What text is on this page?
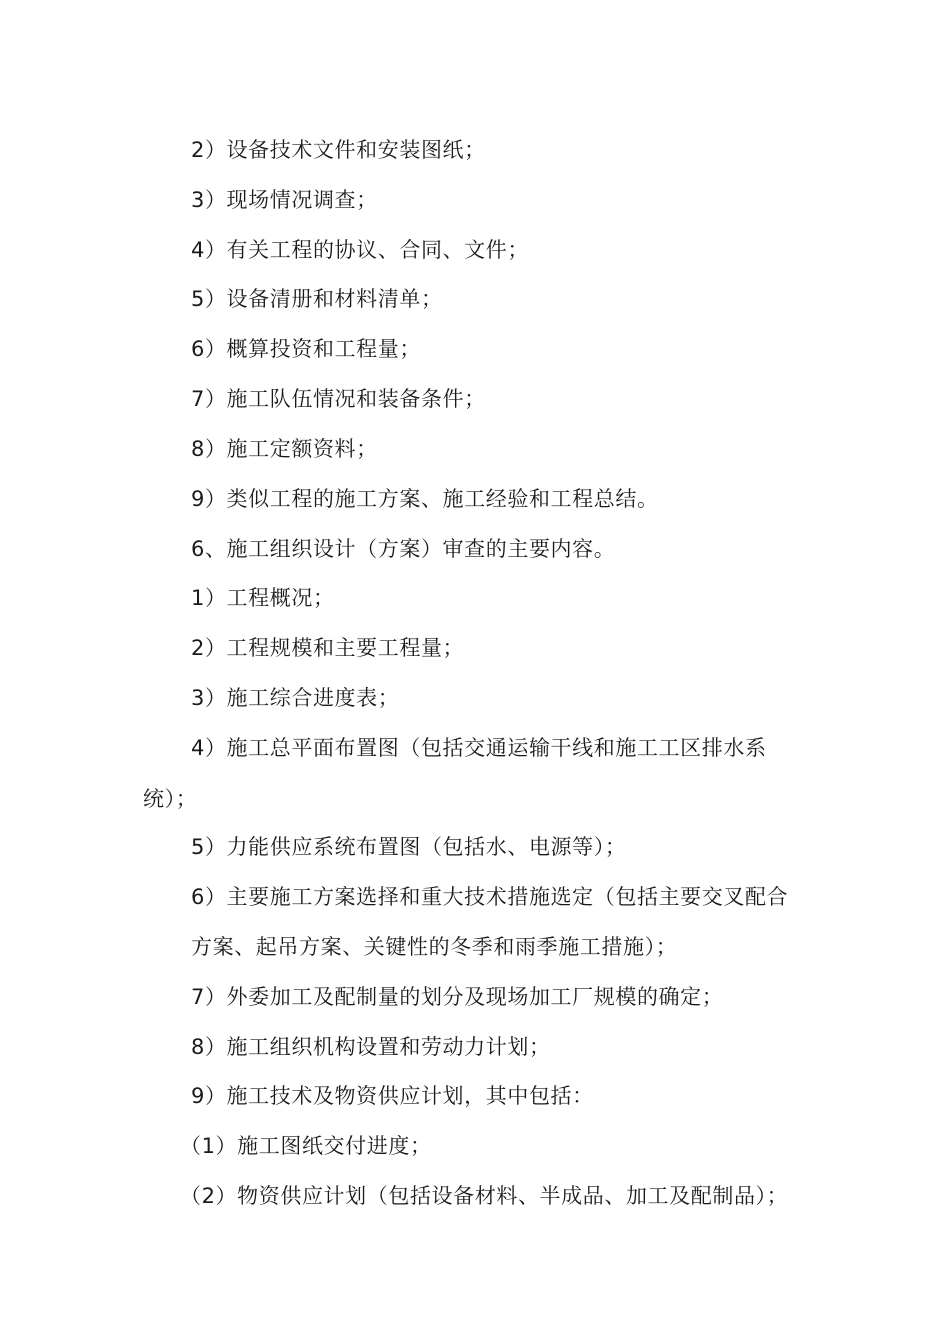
2）设备技术文件和安装图纸；
3）现场情况调查；
4）有关工程的协议、合同、文件；
5）设备清册和材料清单；
6）概算投资和工程量；
7）施工队伍情况和装备条件；
8）施工定额资料；
9）类似工程的施工方案、施工经验和工程总结。
6、施工组织设计（方案）审查的主要内容。
1）工程概况；
2）工程规模和主要工程量；
3）施工综合进度表；
4）施工总平面布置图（包括交通运输干线和施工工区排水系
统）；
5）力能供应系统布置图（包括水、电源等）；
6）主要施工方案选择和重大技术措施选定（包括主要交叉配合
方案、起吊方案、关键性的冬季和雨季施工措施）；
7）外委加工及配制量的划分及现场加工厂规模的确定；
8）施工组织机构设置和劳动力计划；
9）施工技术及物资供应计划，其中包括：
（1）施工图纸交付进度；
（2）物资供应计划（包括设备材料、半成品、加工及配制品）；
